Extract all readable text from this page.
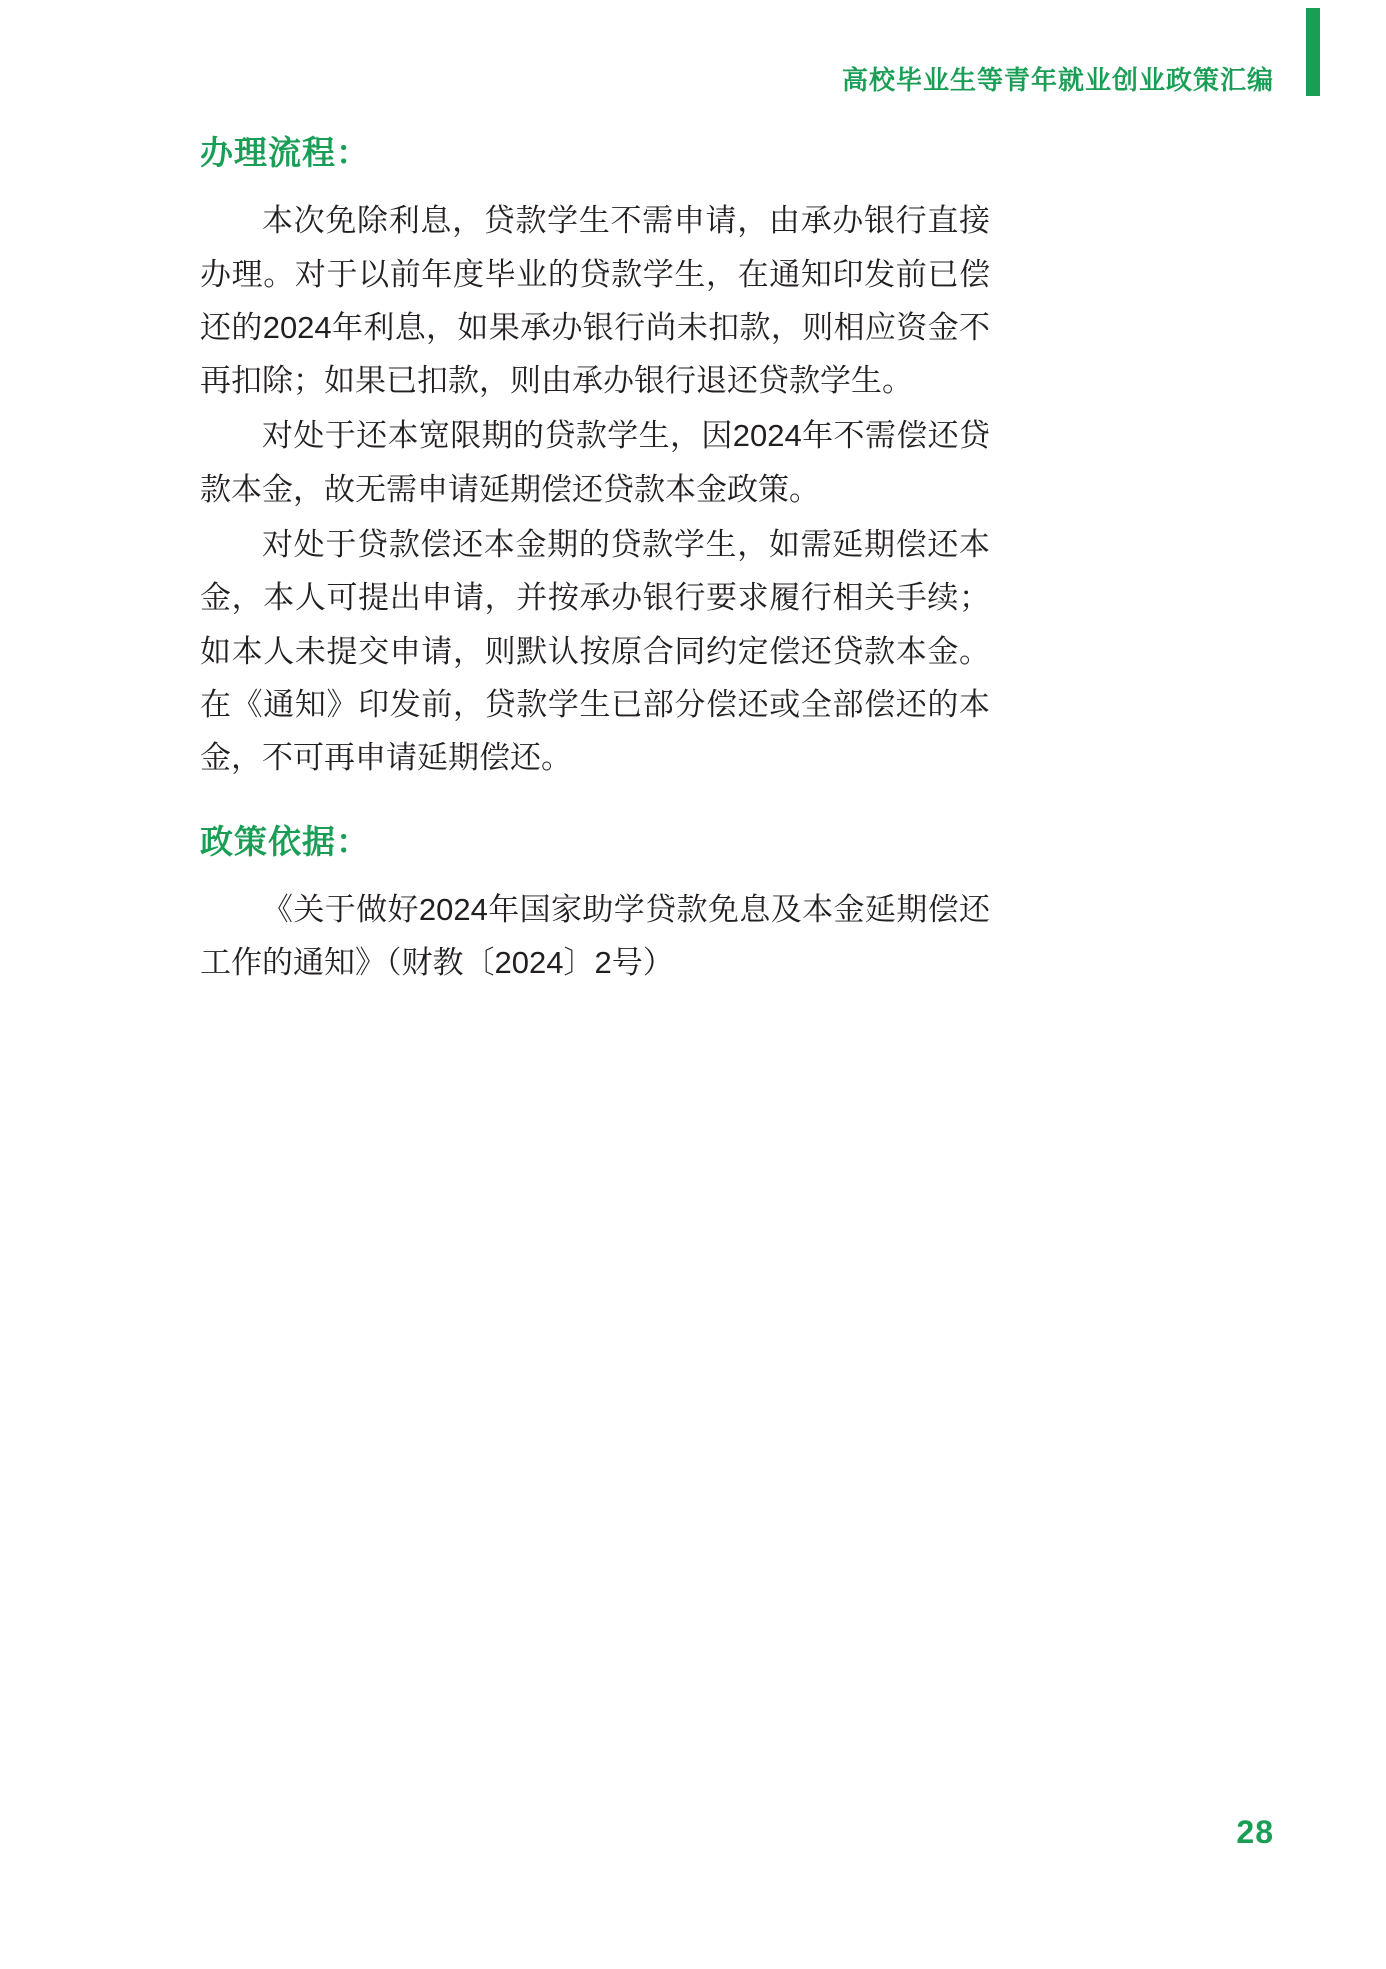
高校毕业生等青年就业创业政策汇编
办理流程：

本次免除利息，贷款学生不需申请，由承办银行直接办理。对于以前年度毕业的贷款学生，在通知印发前已偿还的2024年利息，如果承办银行尚未扣款，则相应资金不再扣除；如果已扣款，则由承办银行退还贷款学生。

对处于还本宽限期的贷款学生，因2024年不需偿还贷款本金，故无需申请延期偿还贷款本金政策。

对处于贷款偿还本金期的贷款学生，如需延期偿还本金，本人可提出申请，并按承办银行要求履行相关手续；如本人未提交申请，则默认按原合同约定偿还贷款本金。在《通知》印发前，贷款学生已部分偿还或全部偿还的本金，不可再申请延期偿还。

政策依据：

《关于做好2024年国家助学贷款免息及本金延期偿还工作的通知》（财教〔2024〕2号）

28
